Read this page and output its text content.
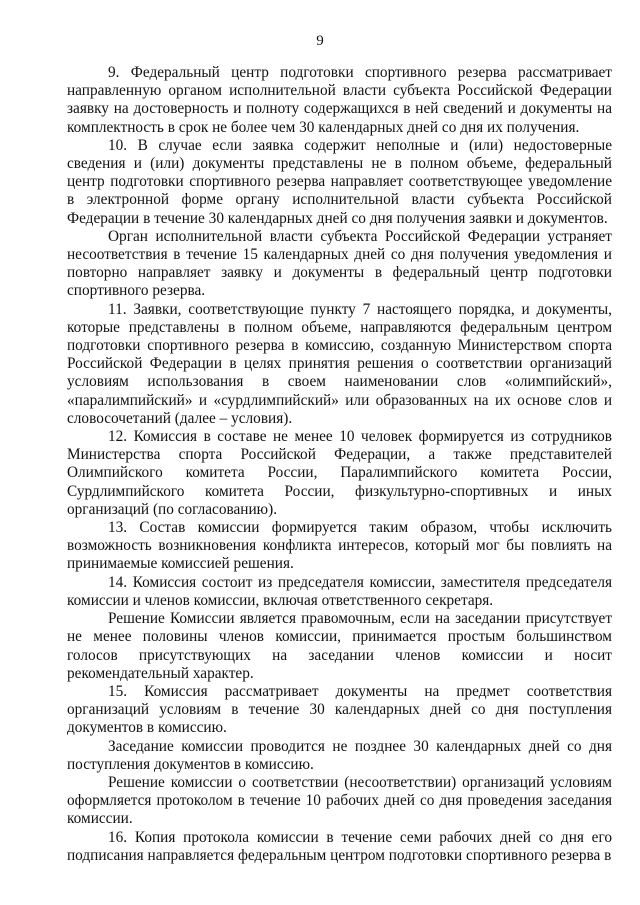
9

9. Федеральный центр подготовки спортивного резерва рассматривает направленную органом исполнительной власти субъекта Российской Федерации заявку на достоверность и полноту содержащихся в ней сведений и документы на комплектность в срок не более чем 30 календарных дней со дня их получения.

10. В случае если заявка содержит неполные и (или) недостоверные сведения и (или) документы представлены не в полном объеме, федеральный центр подготовки спортивного резерва направляет соответствующее уведомление в электронной форме органу исполнительной власти субъекта Российской Федерации в течение 30 календарных дней со дня получения заявки и документов.

Орган исполнительной власти субъекта Российской Федерации устраняет несоответствия в течение 15 календарных дней со дня получения уведомления и повторно направляет заявку и документы в федеральный центр подготовки спортивного резерва.

11. Заявки, соответствующие пункту 7 настоящего порядка, и документы, которые представлены в полном объеме, направляются федеральным центром подготовки спортивного резерва в комиссию, созданную Министерством спорта Российской Федерации в целях принятия решения о соответствии организаций условиям использования в своем наименовании слов «олимпийский», «паралимпийский» и «сурдлимпийский» или образованных на их основе слов и словосочетаний (далее – условия).

12. Комиссия в составе не менее 10 человек формируется из сотрудников Министерства спорта Российской Федерации, а также представителей Олимпийского комитета России, Паралимпийского комитета России, Сурдлимпийского комитета России, физкультурно-спортивных и иных организаций (по согласованию).

13. Состав комиссии формируется таким образом, чтобы исключить возможность возникновения конфликта интересов, который мог бы повлиять на принимаемые комиссией решения.

14. Комиссия состоит из председателя комиссии, заместителя председателя комиссии и членов комиссии, включая ответственного секретаря.

Решение Комиссии является правомочным, если на заседании присутствует не менее половины членов комиссии, принимается простым большинством голосов присутствующих на заседании членов комиссии и носит рекомендательный характер.

15. Комиссия рассматривает документы на предмет соответствия организаций условиям в течение 30 календарных дней со дня поступления документов в комиссию.

Заседание комиссии проводится не позднее 30 календарных дней со дня поступления документов в комиссию.

Решение комиссии о соответствии (несоответствии) организаций условиям оформляется протоколом в течение 10 рабочих дней со дня проведения заседания комиссии.

16. Копия протокола комиссии в течение семи рабочих дней со дня его подписания направляется федеральным центром подготовки спортивного резерва в
